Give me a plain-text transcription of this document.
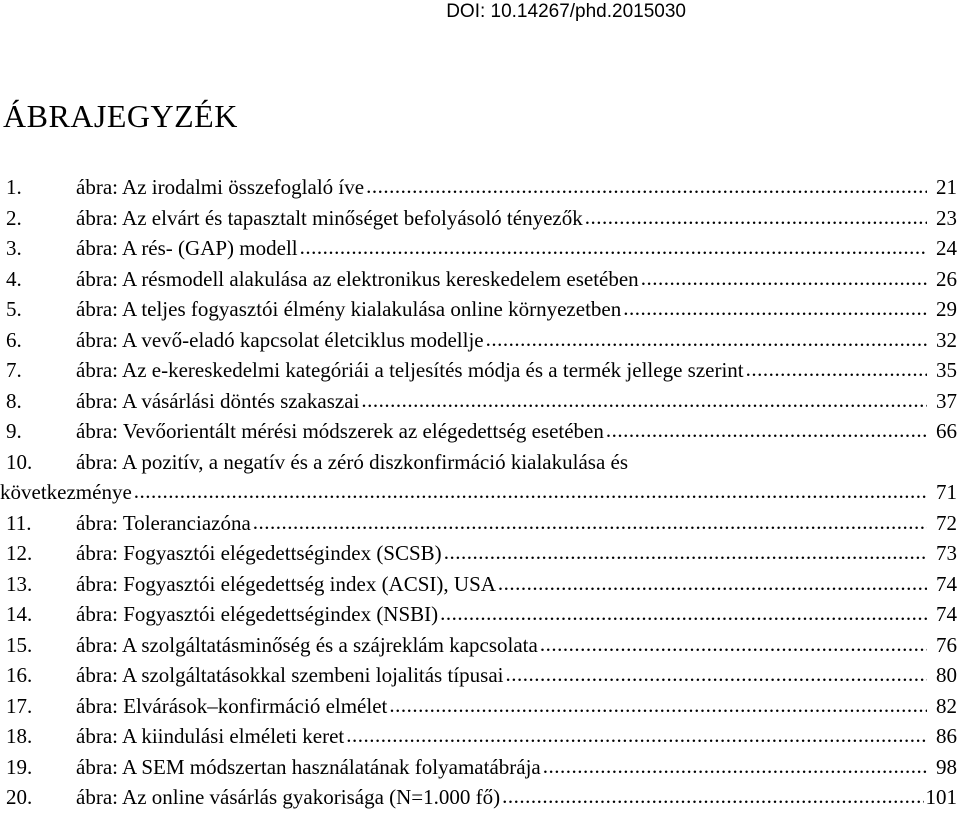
DOI: 10.14267/phd.2015030
ÁBRAJEGYZÉK
1.	ábra: Az irodalmi összefoglaló íve .....	21
2.	ábra: Az elvárt és tapasztalt minőséget befolyásoló tényezők .....	23
3.	ábra: A rés- (GAP) modell .....	24
4.	ábra: A résmodell alakulása az elektronikus kereskedelem esetében .....	26
5.	ábra: A teljes fogyasztói élmény kialakulása online környezetben .....	29
6.	ábra: A vevő-eladó kapcsolat életciklus modellje .....	32
7.	ábra: Az e-kereskedelmi kategóriái a teljesítés módja és a termék jellege szerint .....	35
8.	ábra: A vásárlási döntés szakaszai .....	37
9.	ábra: Vevőorientált mérési módszerek az elégedettség esetében .....	66
10.	ábra: A pozitív, a negatív és a zéró diszkonfirmáció kialakulása és
következménye .....	71
11.	ábra: Toleranciazóna .....	72
12.	ábra: Fogyasztói elégedettségindex (SCSB) .....	73
13.	ábra: Fogyasztói elégedettség index (ACSI), USA .....	74
14.	ábra: Fogyasztói elégedettségindex (NSBI) .....	74
15.	ábra: A szolgáltatásminőség és a szájreklám kapcsolata .....	76
16.	ábra: A szolgáltatásokkal szembeni lojalitás típusai .....	80
17.	ábra: Elvárások–konfirmáció elmélet .....	82
18.	ábra: A kiindulási elméleti keret .....	86
19.	ábra: A SEM módszertan használatának folyamatábrája .....	98
20.	ábra: Az online vásárlás gyakorisága (N=1.000 fő) .....	101
